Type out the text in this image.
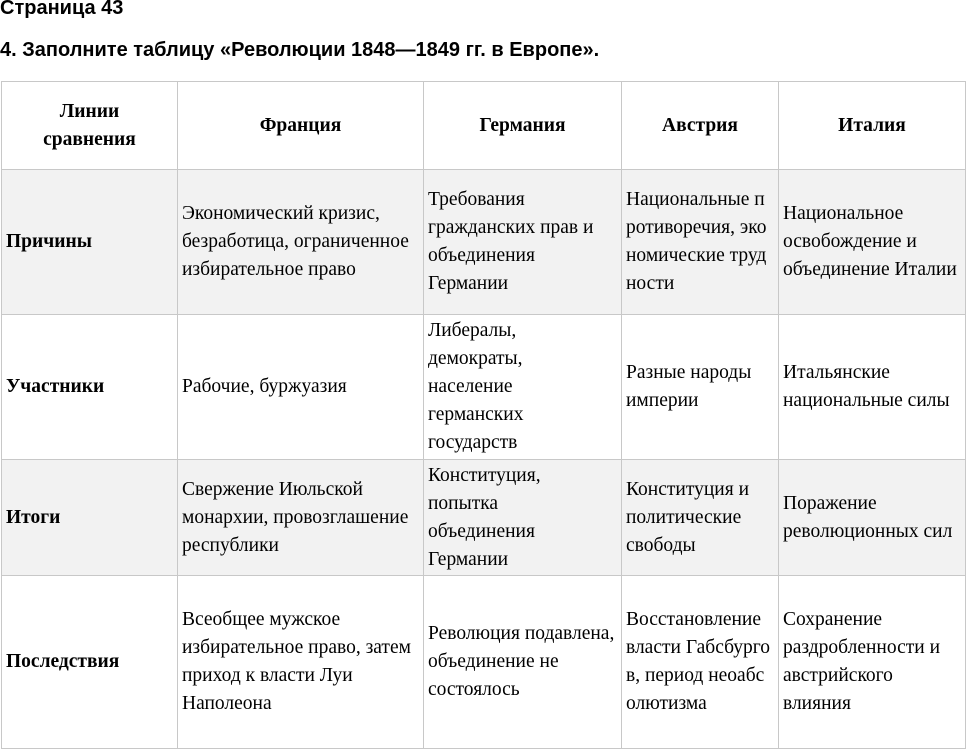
Страница 43
4. Заполните таблицу «Революции 1848—1849 гг. в Европе».
Линии сравнения	Франция	Германия	Австрия	Италия
Причины	Экономический кризис, безработица, ограниченное избирательное право	Требования гражданских прав и объединения Германии	Национальные противоречия, экономические трудности	Национальное освобождение и объединение Италии
Участники	Рабочие, буржуазия	Либералы, демократы, население германских государств	Разные народы империи	Итальянские национальные силы
Итоги	Свержение Июльской монархии, провозглашение республики	Конституция, попытка объединения Германии	Конституция и политические свободы	Поражение революционных сил
Последствия	Всеобщее мужское избирательное право, затем приход к власти Луи Наполеона	Революция подавлена, объединение не состоялось	Восстановление власти Габсбургов, период неоабсолютизма	Сохранение раздробленности и австрийского влияния
